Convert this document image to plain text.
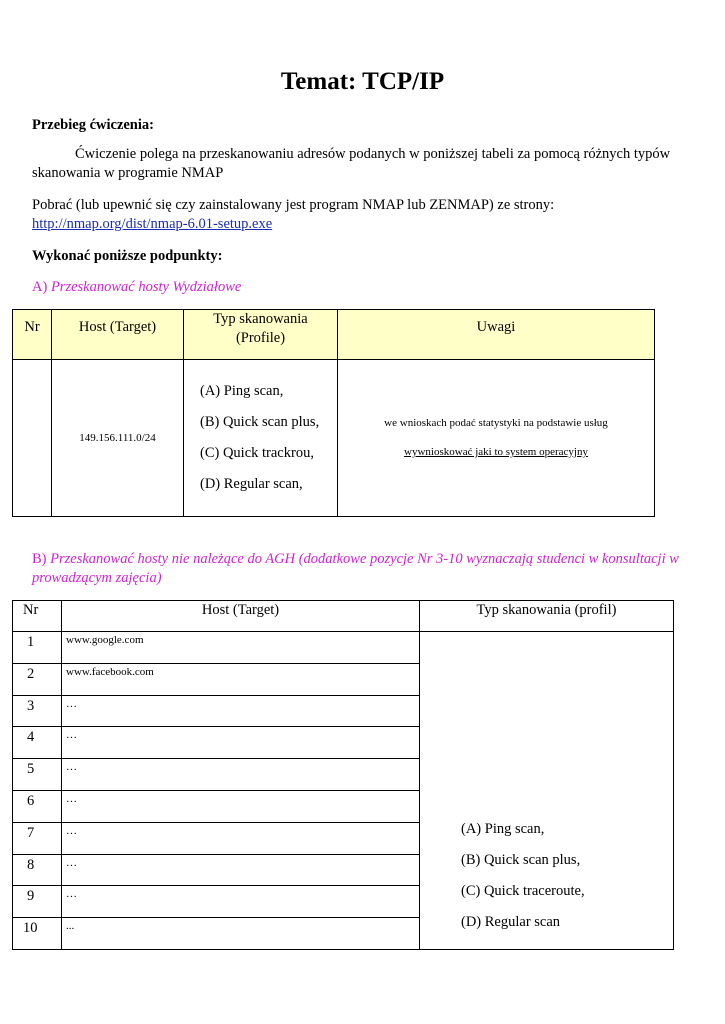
Temat: TCP/IP
Przebieg ćwiczenia:
Ćwiczenie polega na przeskanowaniu adresów podanych w poniższej tabeli za pomocą różnych typów
skanowania w programie NMAP
Pobrać (lub upewnić się czy zainstalowany jest program NMAP lub ZENMAP) ze strony:
http://nmap.org/dist/nmap-6.01-setup.exe
Wykonać poniższe podpunkty:
A) Przeskanować hosty Wydziałowe
Nr	Host (Target)	Typ skanowania
(Profile)	Uwagi
	149.156.111.0/24	(A) Ping scan,
(B) Quick scan plus,
(C) Quick trackrou,
(D) Regular scan,	we wnioskach podać statystyki na podstawie usług
wywnioskować jaki to system operacyjny
B) Przeskanować hosty nie należące do AGH (dodatkowe pozycje Nr 3-10 wyznaczają studenci w konsultacji w
prowadzącym zajęcia)
Nr	Host (Target)	Typ skanowania (profil)
1	www.google.com	(A) Ping scan,
(B) Quick scan plus,
(C) Quick traceroute,
(D) Regular scan

2	www.facebook.com	
3	…	
4	…	
5	…	
6	…	
7	…	
8	…	
9	…	
10	...	
